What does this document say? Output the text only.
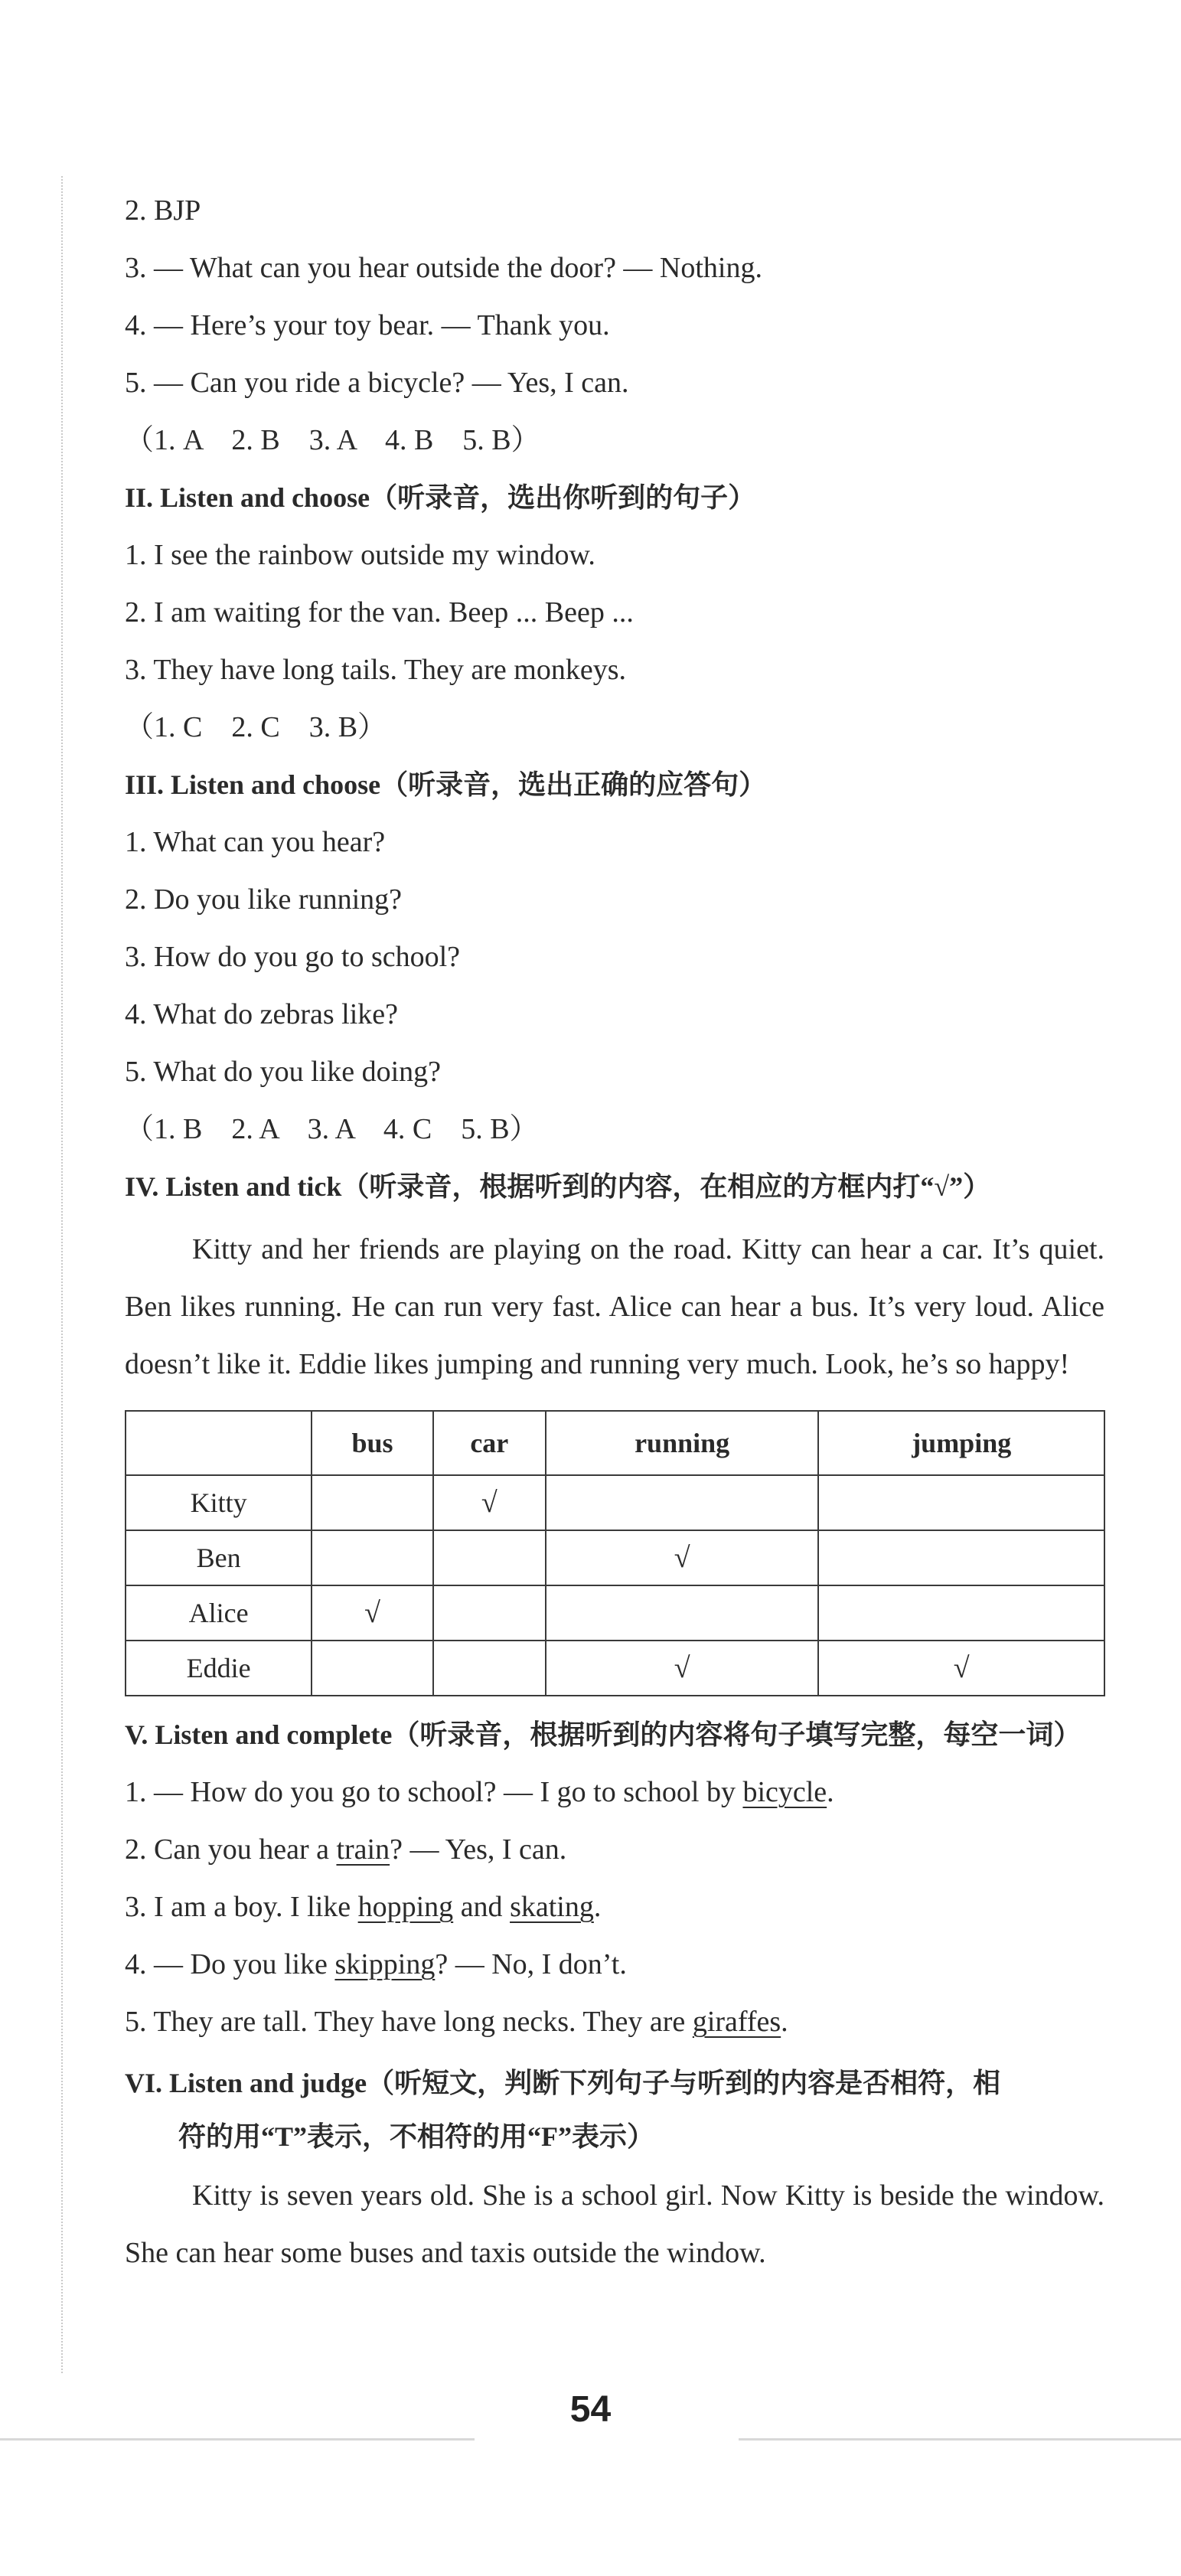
2. BJP
3. — What can you hear outside the door? — Nothing.
4. — Here’s your toy bear. — Thank you.
5. — Can you ride a bicycle? — Yes, I can.
（1. A　2. B　3. A　4. B　5. B）
II. Listen and choose（听录音，选出你听到的句子）
1. I see the rainbow outside my window.
2. I am waiting for the van. Beep ... Beep ...
3. They have long tails. They are monkeys.
（1. C　2. C　3. B）
III. Listen and choose（听录音，选出正确的应答句）
1. What can you hear?
2. Do you like running?
3. How do you go to school?
4. What do zebras like?
5. What do you like doing?
（1. B　2. A　3. A　4. C　5. B）
IV. Listen and tick（听录音，根据听到的内容，在相应的方框内打“√”）

Kitty and her friends are playing on the road. Kitty can hear a car. It’s quiet. Ben likes running. He can run very fast. Alice can hear a bus. It’s very loud. Alice doesn’t like it. Eddie likes jumping and running very much. Look, he’s so happy!

	bus	car	running	jumping
Kitty		√		
Ben			√	
Alice	√			
Eddie			√	√
V. Listen and complete（听录音，根据听到的内容将句子填写完整，每空一词）
1. — How do you go to school? — I go to school by bicycle.
2. Can you hear a train? — Yes, I can.
3. I am a boy. I like hopping and skating.
4. — Do you like skipping? — No, I don’t.
5. They are tall. They have long necks. They are giraffes.
VI. Listen and judge（听短文，判断下列句子与听到的内容是否相符，相
符的用“T”表示，不相符的用“F”表示）

Kitty is seven years old. She is a school girl. Now Kitty is beside the window. She can hear some buses and taxis outside the window.

54
